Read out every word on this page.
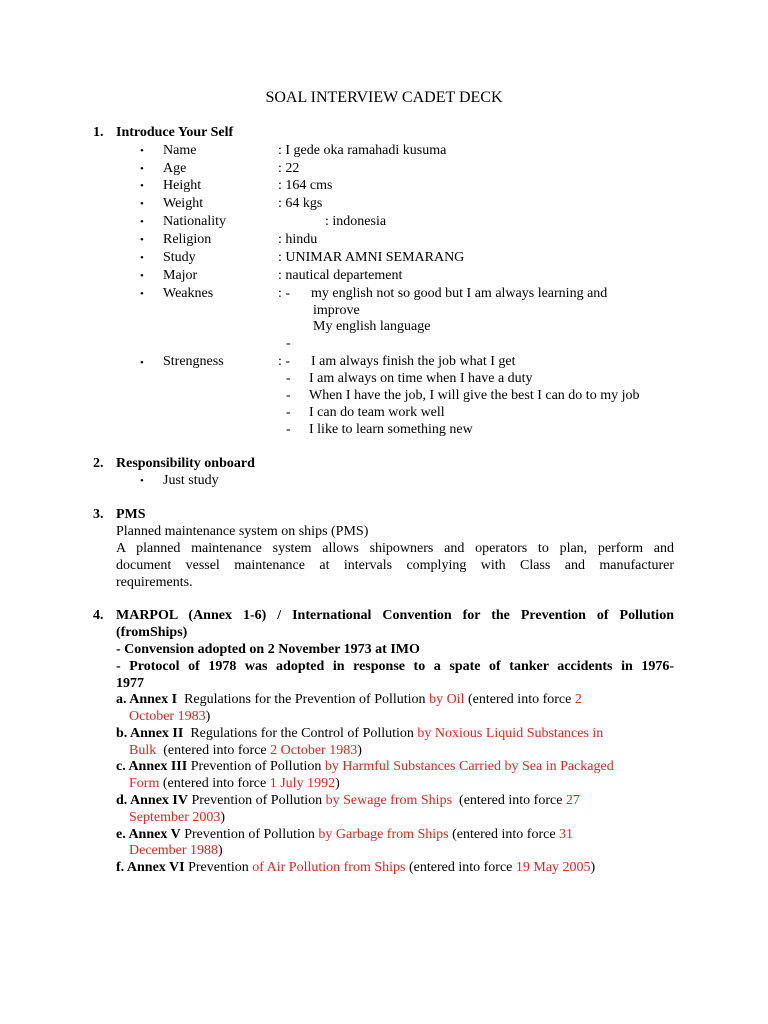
SOAL INTERVIEW CADET DECK
1. Introduce Your Self
• Name	: I gede oka ramahadi kusuma
• Age	: 22
• Height	: 164 cms
• Weight	: 64 kgs
• Nationality	: indonesia
• Religion	: hindu
• Study	: UNIMAR AMNI SEMARANG
• Major	: nautical departement
• Weaknes	: - my english not so good but I am always learning and
improve
My english language
-
• Strengness	: - I am always finish the job what I get
- I am always on time when I have a duty
- When I have the job, I will give the best I can do to my job
- I can do team work well
- I like to learn something new
2. Responsibility onboard
• Just study
3. PMS
Planned maintenance system on ships (PMS)
A planned maintenance system allows shipowners and operators to plan, perform and
document vessel maintenance at intervals complying with Class and manufacturer
requirements.
4. MARPOL (Annex 1-6) / International Convention for the Prevention of Pollution
(fromShips)
- Convension adopted on 2 November 1973 at IMO
- Protocol of 1978 was adopted in response to a spate of tanker accidents in 1976-
1977
a. Annex I Regulations for the Prevention of Pollution by Oil (entered into force 2
October 1983)
b. Annex II Regulations for the Control of Pollution by Noxious Liquid Substances in
Bulk (entered into force 2 October 1983)
c. Annex III Prevention of Pollution by Harmful Substances Carried by Sea in Packaged
Form (entered into force 1 July 1992)
d. Annex IV Prevention of Pollution by Sewage from Ships (entered into force 27
September 2003)
e. Annex V Prevention of Pollution by Garbage from Ships (entered into force 31
December 1988)
f. Annex VI Prevention of Air Pollution from Ships (entered into force 19 May 2005)
